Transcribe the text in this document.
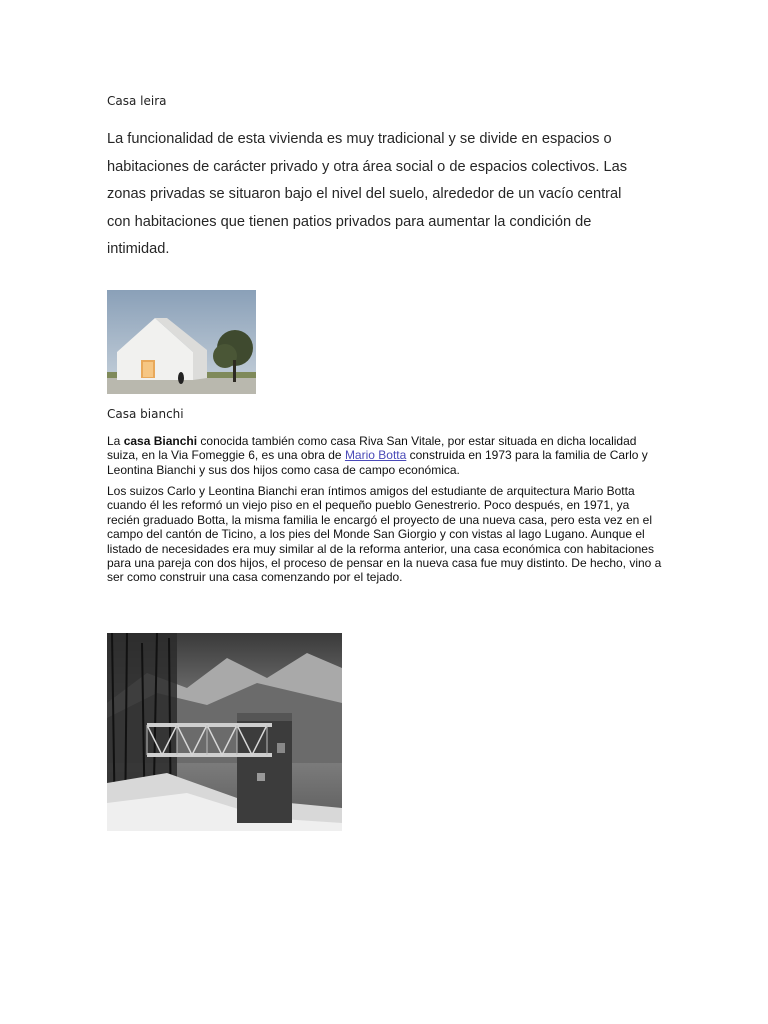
Casa leira

La funcionalidad de esta vivienda es muy tradicional y se divide en espacios o habitaciones de carácter privado y otra área social o de espacios colectivos. Las zonas privadas se situaron bajo el nivel del suelo, alrededor de un vacío central con habitaciones que tienen patios privados para aumentar la condición de intimidad.

Casa bianchi

La casa Bianchi conocida también como casa Riva San Vitale, por estar situada en dicha localidad suiza, en la Via Fomeggie 6, es una obra de Mario Botta construida en 1973 para la familia de Carlo y Leontina Bianchi y sus dos hijos como casa de campo económica.

Los suizos Carlo y Leontina Bianchi eran íntimos amigos del estudiante de arquitectura Mario Botta cuando él les reformó un viejo piso en el pequeño pueblo Genestrerio. Poco después, en 1971, ya recién graduado Botta, la misma familia le encargó el proyecto de una nueva casa, pero esta vez en el campo del cantón de Ticino, a los pies del Monde San Giorgio y con vistas al lago Lugano. Aunque el listado de necesidades era muy similar al de la reforma anterior, una casa económica con habitaciones para una pareja con dos hijos, el proceso de pensar en la nueva casa fue muy distinto. De hecho, vino a ser como construir una casa comenzando por el tejado.
